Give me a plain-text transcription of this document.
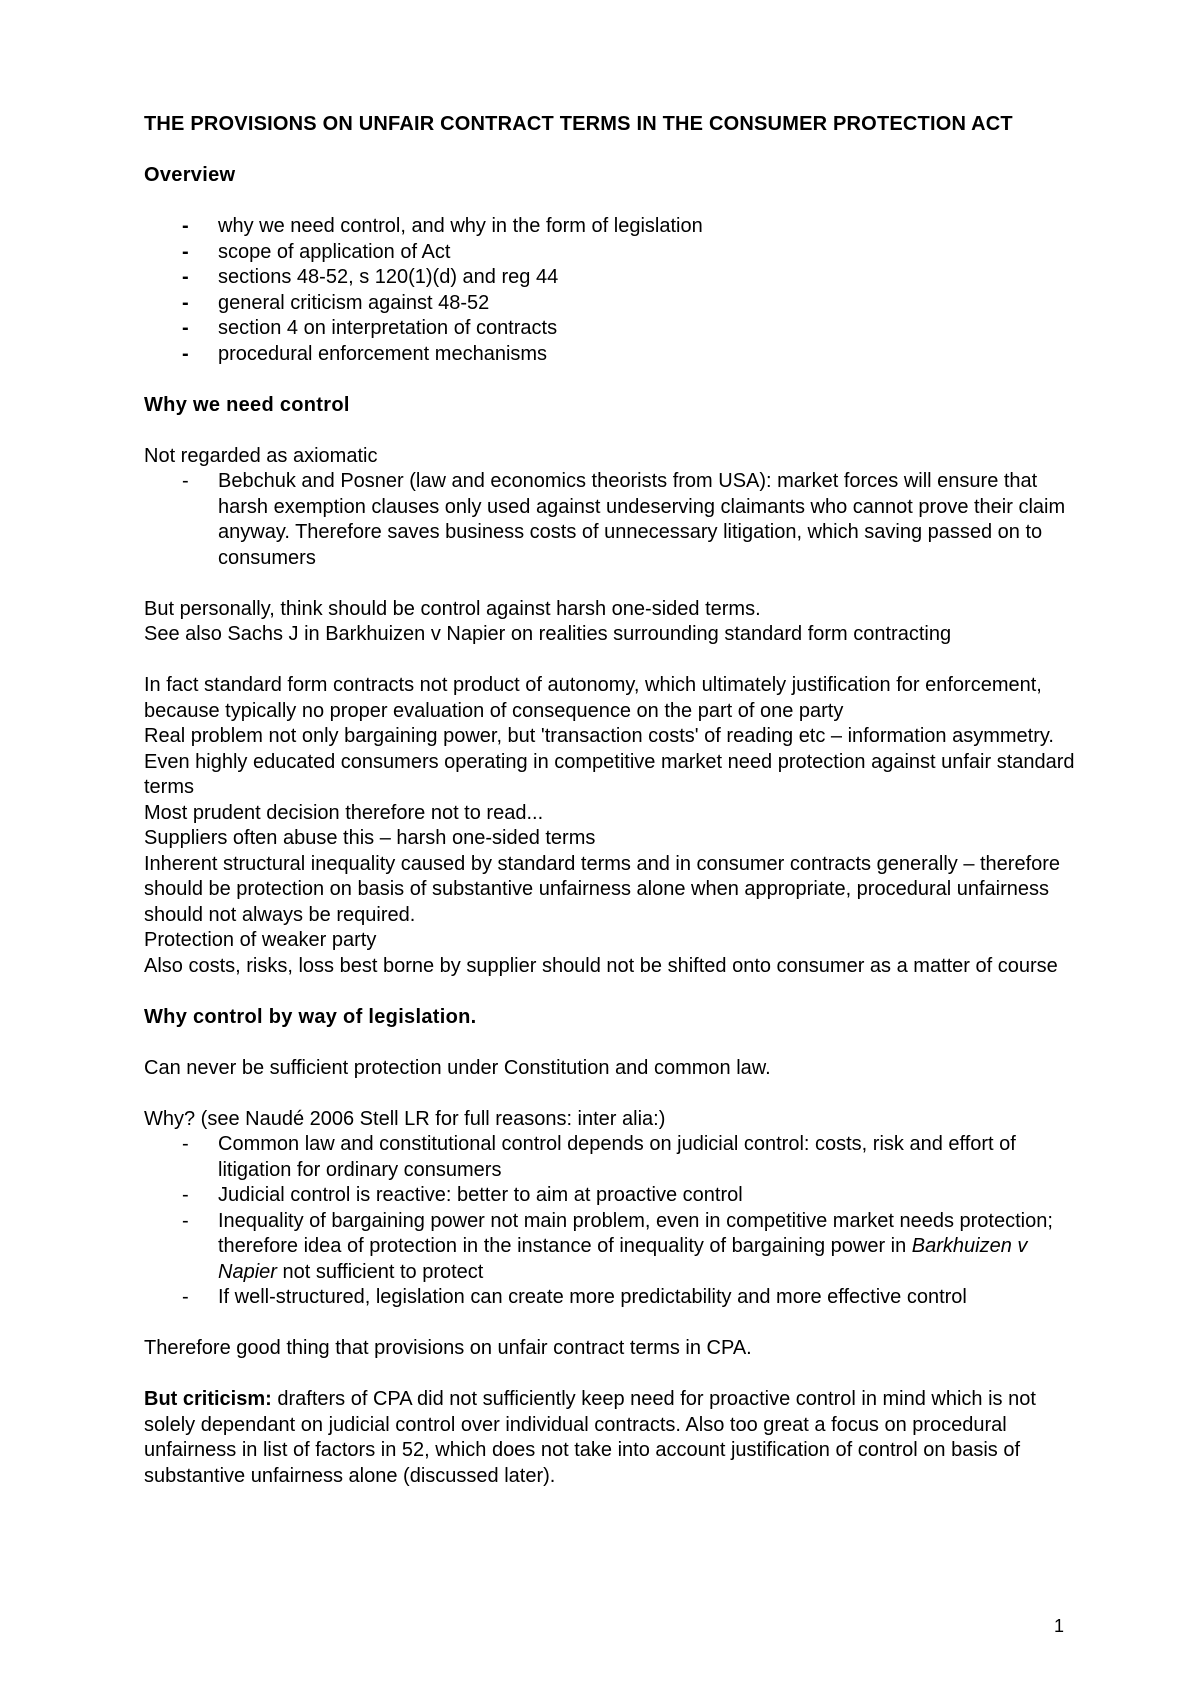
THE PROVISIONS ON UNFAIR CONTRACT TERMS IN THE CONSUMER PROTECTION ACT

Overview

- why we need control, and why in the form of legislation
- scope of application of Act
- sections 48-52, s 120(1)(d) and reg 44
- general criticism against 48-52
- section 4 on interpretation of contracts
- procedural enforcement mechanisms

Why we need control

Not regarded as axiomatic

- Bebchuk and Posner (law and economics theorists from USA): market forces will ensure that harsh exemption clauses only used against undeserving claimants who cannot prove their claim anyway. Therefore saves business costs of unnecessary litigation, which saving passed on to consumers

But personally, think should be control against harsh one-sided terms.

See also Sachs J in Barkhuizen v Napier on realities surrounding standard form contracting

In fact standard form contracts not product of autonomy, which ultimately justification for enforcement, because typically no proper evaluation of consequence on the part of one party

Real problem not only bargaining power, but 'transaction costs' of reading etc – information asymmetry. Even highly educated consumers operating in competitive market need protection against unfair standard terms

Most prudent decision therefore not to read...

Suppliers often abuse this – harsh one-sided terms

Inherent structural inequality caused by standard terms and in consumer contracts generally – therefore should be protection on basis of substantive unfairness alone when appropriate, procedural unfairness should not always be required.

Protection of weaker party

Also costs, risks, loss best borne by supplier should not be shifted onto consumer as a matter of course

Why control by way of legislation.

Can never be sufficient protection under Constitution and common law.

Why? (see Naudé 2006 Stell LR for full reasons: inter alia:)

- Common law and constitutional control depends on judicial control: costs, risk and effort of litigation for ordinary consumers
- Judicial control is reactive: better to aim at proactive control
- Inequality of bargaining power not main problem, even in competitive market needs protection; therefore idea of protection in the instance of inequality of bargaining power in Barkhuizen v Napier not sufficient to protect
- If well-structured, legislation can create more predictability and more effective control

Therefore good thing that provisions on unfair contract terms in CPA.

But criticism: drafters of CPA did not sufficiently keep need for proactive control in mind which is not solely dependant on judicial control over individual contracts. Also too great a focus on procedural unfairness in list of factors in 52, which does not take into account justification of control on basis of substantive unfairness alone (discussed later).

1
